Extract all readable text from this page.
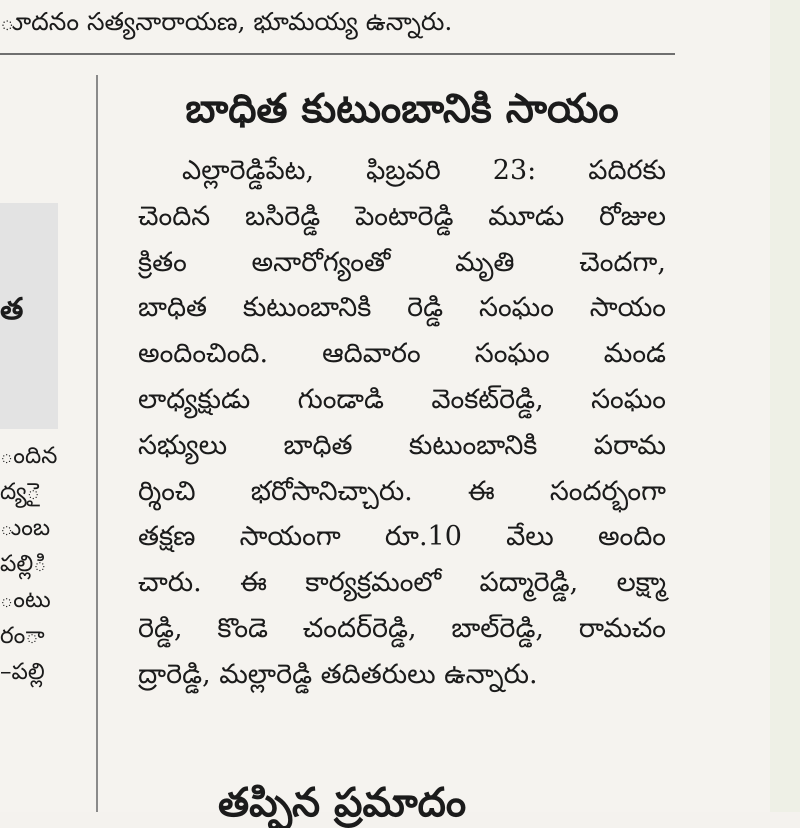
ూదనం సత్యనారాయణ, భూమయ్య ఉన్నారు.
త
ందిన
ైద్య
ుంబ
ిపల్లి
ంటు
ారం
పల్లి–
బాధిత కుటుంబానికి సాయం
ఎల్లారెడ్డిపేట, ఫిబ్రవరి 23: పదిరకు
చెందిన బసిరెడ్డి పెంటారెడ్డి మూడు రోజుల
క్రితం అనారోగ్యంతో మృతి చెందగా,
బాధిత కుటుంబానికి రెడ్డి సంఘం సాయం
అందించింది. ఆదివారం సంఘం మండ
లాధ్యక్షుడు గుండాడి వెంకట్‌రెడ్డి, సంఘం
సభ్యులు బాధిత కుటుంబానికి పరామ
ర్శించి భరోసానిచ్చారు. ఈ సందర్భంగా
తక్షణ సాయంగా రూ.10 వేలు అందిం
చారు. ఈ కార్యక్రమంలో పద్మారెడ్డి, లక్ష్మా
రెడ్డి, కొండె చందర్‌రెడ్డి, బాల్‌రెడ్డి, రామచం
ద్రారెడ్డి, మల్లారెడ్డి తదితరులు ఉన్నారు.
తప్పిన ప్రమాదం
